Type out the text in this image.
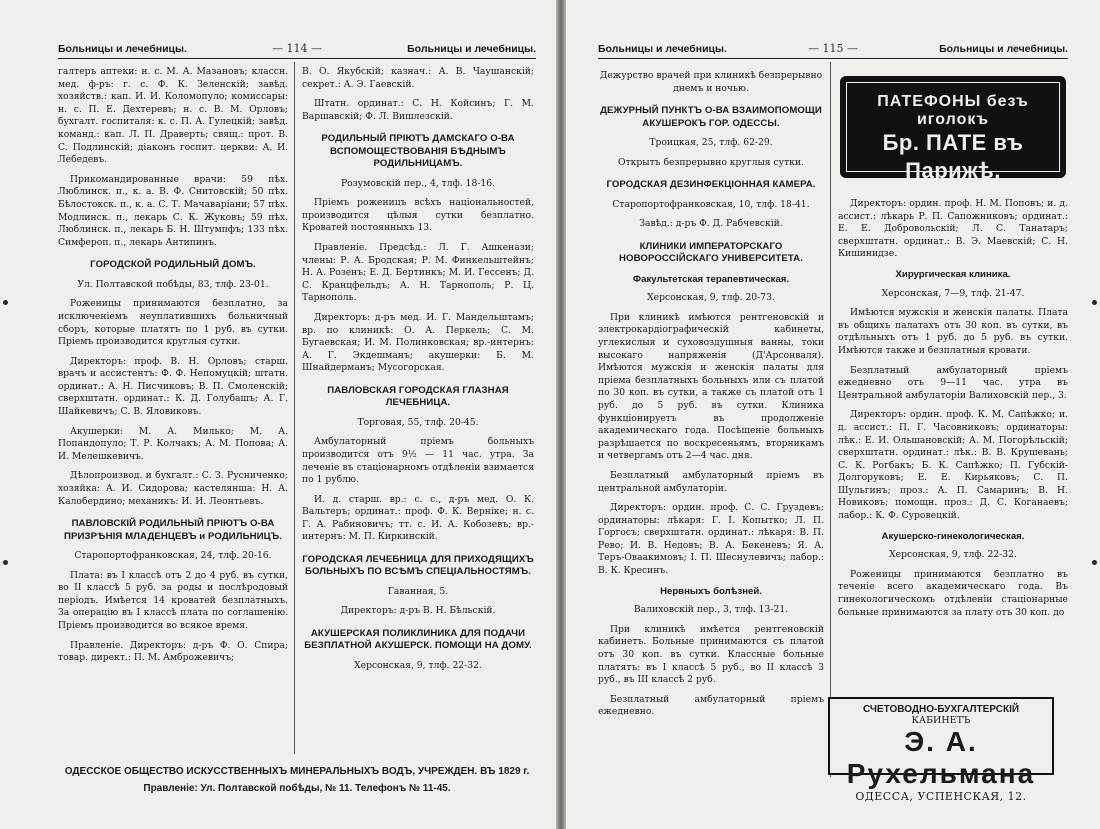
Больницы и лечебницы.	— 114 —	Больницы и лечебницы.

галтеръ аптеки: н. с. М. А. Мазановъ; классн. мед. ф-ръ: г. с. Ф. К. Зеленскій; завѣд. хозяйств.: кап. И. И. Коломопуло; комиссары: н. с. П. Е. Дехтеревъ; н. с. В. М. Орловъ; бухгалт. госпиталя: к. с. П. А. Гулецкій; завѣд. команд.: кап. Л. П. Драверть; свящ.: прот. В. С. Подлинскій; діаконъ госпит. церкви: А. И. Лебедевъ.

Прикомандированные врачи: 59 пѣх. Люблинск. п., к. а. В. Ф. Снитовскій; 50 пѣх. Бѣлостокск. п., к. а. С. Т. Мачаваріани; 57 пѣх. Модлинск. п., лекарь С. К. Жуковъ; 59 пѣх. Люблинск. п., лекарь Б. Н. Штумпфъ; 133 пѣх. Симфероп. п., лекарь Антипинъ.

ГОРОДСКОЙ РОДИЛЬНЫЙ ДОМЪ.

Ул. Полтавской побѣды, 83, тлф. 23-01.

Роженицы принимаются безплатно, за исключеніемъ неуплатившихъ больничный сборъ, которые платятъ по 1 руб. въ сутки. Пріемъ производится круглыя сутки.

Директоръ: проф. В. Н. Орловъ; старш. врачъ и ассистентъ: Ф. Ф. Непомуцкій; штатн. ординат.: А. Н. Писчиковъ; В. П. Смоленскій; сверхштатн. ординат.: К. Д. Голубашъ; А. Г. Шайкевичъ; С. В. Яловиковъ.

Акушерки: М. А. Милько; М. А. Попандопуло; Т. Р. Колчакъ; А. М. Попова; А. И. Мелешкевичъ.

Дѣлопроизвод. и бухгалт.: С. З. Русниченко; хозяйка: А. И. Сидорова; кастелянша: Н. А. Калобердино; механикъ: И. И. Леонтьевъ.

ПАВЛОВСКІЙ РОДИЛЬНЫЙ ПРІЮТЪ О-ВА ПРИЗРѢНІЯ МЛАДЕНЦЕВЪ и РОДИЛЬНИЦЪ.

Старопортофранковская, 24, тлф. 20-16.

Плата: въ I классѣ отъ 2 до 4 руб. въ сутки, во II классѣ 5 руб. за роды и послѣродовый періодъ. Имѣется 14 кроватей безплатныхъ. За операцію въ I классѣ плата по соглашенію. Пріемъ производится во всякое время.

Правленіе. Директоръ: д-ръ Ф. О. Спира; товар. директ.: П. М. Амброжевичъ;

В. О. Якубскій; казнач.: А. В. Чаушанскій; секрет.: А. Э. Гаевскій.

Штатн. ординат.: С. Н. Койсинъ; Г. М. Варшавскій; Ф. Л. Вишлезскій.

РОДИЛЬНЫЙ ПРІЮТЪ ДАМСКАГО О-ВА ВСПОМОЩЕСТВОВАНІЯ БѢДНЫМЪ РОДИЛЬНИЦАМЪ.

Розумовскій пер., 4, тлф. 18-16.

Пріемъ роженицъ всѣхъ національностей, производится цѣлыя сутки безплатно. Кроватей постоянныхъ 13.

Правленіе. Предсѣд.: Л. Г. Ашкенази; члены: Р. А. Бродская; Р. М. Финкельштейнъ; Н. А. Розенъ; Е. Д. Бертинкъ; М. И. Гессенъ; Д. С. Кранцфельдъ; А. Н. Тарнополь; Р. Ц. Тарнополь.

Директоръ: д-ръ мед. И. Г. Мандельштамъ; вр. по клиникѣ: О. А. Перкель; С. М. Бугаевская; И. М. Полинковская; вр.-интернъ: А. Г. Экдешманъ; акушерки: Б. М. Шнайдерманъ; Мусогорская.

ПАВЛОВСКАЯ ГОРОДСКАЯ ГЛАЗНАЯ ЛЕЧЕБНИЦА.

Торговая, 55, тлф. 20-45.

Амбулаторный пріемъ больныхъ производится отъ 9½ — 11 час. утра. За леченіе въ стаціонарномъ отдѣленіи взимается по 1 рублю.

И. д. старш. вр.: с. с., д-ръ мед. О. К. Вальтеръ; ординат.: проф. Ф. К. Верніке; н. с. Г. А. Рабиновичъ; тт. с. И. А. Кобозевъ; вр.-интернъ: М. П. Киркинскій.

ГОРОДСКАЯ ЛЕЧЕБНИЦА ДЛЯ ПРИХОДЯЩИХЪ БОЛЬНЫХЪ ПО ВСѢМЪ СПЕЦІАЛЬНОСТЯМЪ.

Гаванная, 5.

Директоръ: д-ръ В. Н. Бѣльскій.

АКУШЕРСКАЯ ПОЛИКЛИНИКА ДЛЯ ПОДАЧИ БЕЗПЛАТНОЙ АКУШЕРСК. ПОМОЩИ НА ДОМУ.

Херсонская, 9, тлф. 22-32.

ОДЕССКОЕ ОБЩЕСТВО ИСКУССТВЕННЫХЪ МИНЕРАЛЬНЫХЪ ВОДЪ, УЧРЕЖДЕН. ВЪ 1829 г.
Правленіе: Ул. Полтавской побѣды, № 11. Телефонъ № 11-45.
Больницы и лечебницы.	— 115 —	Больницы и лечебницы.

Дежурство врачей при клиникѣ безпрерывно днемъ и ночью.

ДЕЖУРНЫЙ ПУНКТЪ О-ВА ВЗАИМОПОМОЩИ АКУШЕРОКЪ ГОР. ОДЕССЫ.

Троицкая, 25, тлф. 62-29.

Открытъ безпрерывно круглыя сутки.

ГОРОДСКАЯ ДЕЗИНФЕКЦІОННАЯ КАМЕРА.

Старопортофранковская, 10, тлф. 18-41.

Завѣд.: д-ръ Ф. Д. Рабчевскій.

КЛИНИКИ ИМПЕРАТОРСКАГО НОВОРОССІЙСКАГО УНИВЕРСИТЕТА.
Факультетская терапевтическая.

Херсонская, 9, тлф. 20-73.

При клиникѣ имѣются рентгеновскій и электрокардіографическій кабинеты, углекислыя и суховоздушныя ванны, токи высокаго напряженія (Д'Арсонваля). Имѣются мужскія и женскія палаты для пріема безплатныхъ больныхъ или съ платой по 30 коп. въ сутки, а также съ платой отъ 1 руб. до 5 руб. въ сутки. Клиника функціонируетъ въ продолженіе академическаго года. Посѣщеніе больныхъ разрѣшается по воскресеньямъ, вторникамъ и четвергамъ отъ 2—4 час. дня.

Безплатный амбулаторный пріемъ въ центральной амбулаторіи.

Директоръ: ордин. проф. С. С. Груздевъ; ординаторы: лѣкаря: Г. І. Копытко; Л. П. Горгосъ; сверхштатн. ординат.: лѣкаря: В. П. Рево; И. В. Недовъ; В. А. Бекеневъ; Я. А. Теръ-Оваакимовъ; І. П. Шеснулевичъ; лабор.: В. К. Кресинъ.

Нервныхъ болѣзней.

Валиховскій пер., 3, тлф. 13-21.

При клиникѣ имѣется рентгеновскій кабинетъ. Больные принимаются съ платой отъ 30 коп. въ сутки. Классные больные платятъ: въ I классѣ 5 руб., во II классѣ 3 руб., въ III классѣ 2 руб.

Безплатный амбулаторный пріемъ ежедневно.

ПАТЕФОНЫ безъ иголокъ
Бр. ПАТЕ въ Парижѣ.
Южн. Отд. ОДЕССА, Дерибасовск., 10.

Директоръ: ордин. проф. Н. М. Поповъ; и. д. ассист.: лѣкарь Р. П. Сапожниковъ; ординат.: Е. Е. Добровольскій; Л. С. Танатаръ; сверхштатн. ординат.: В. Э. Маевскій; С. Н. Кишинидзе.

Хирургическая клиника.

Херсонская, 7—9, тлф. 21-47.

Имѣются мужскія и женскія палаты. Плата въ общихъ палатахъ отъ 30 коп. въ сутки, въ отдѣльныхъ отъ 1 руб. до 5 руб. въ сутки. Имѣются также и безплатныя кровати.

Безплатный амбулаторный пріемъ ежедневно отъ 9—11 час. утра въ Центральной амбулаторіи Валиховскій пер., 3.

Директоръ: ордин. проф. К. М. Сапѣжко; и. д. ассист.: П. Г. Часовниковъ; ординаторы: лѣк.: Е. И. Ольшановскій; А. М. Погорѣльскій; сверхштатн. ординат.: лѣк.: В. В. Крушевань; С. К. Рогбакъ; Б. К. Сапѣжко; П. Губскій-Долгоруковъ; Е. Е. Кирьяковъ; С. П. Шульгинъ; проз.: А. П. Самаринъ; В. Н. Новиковъ; помощн. проз.: Д. С. Коганаевъ; лабор.: К. Ф. Суровецкій.

Акушерско-гинекологическая.

Херсонская, 9, тлф. 22-32.

Роженицы принимаются безплатно въ теченіе всего академическаго года. Въ гинекологическомъ отдѣленіи стаціонарные больные принимаются за плату отъ 30 коп. до

СЧЕТОВОДНО-БУХГАЛТЕРСКІЙ
КАБИНЕТЪ
Э. А. Рухельмана
ОДЕССА, УСПЕНСКАЯ, 12.
